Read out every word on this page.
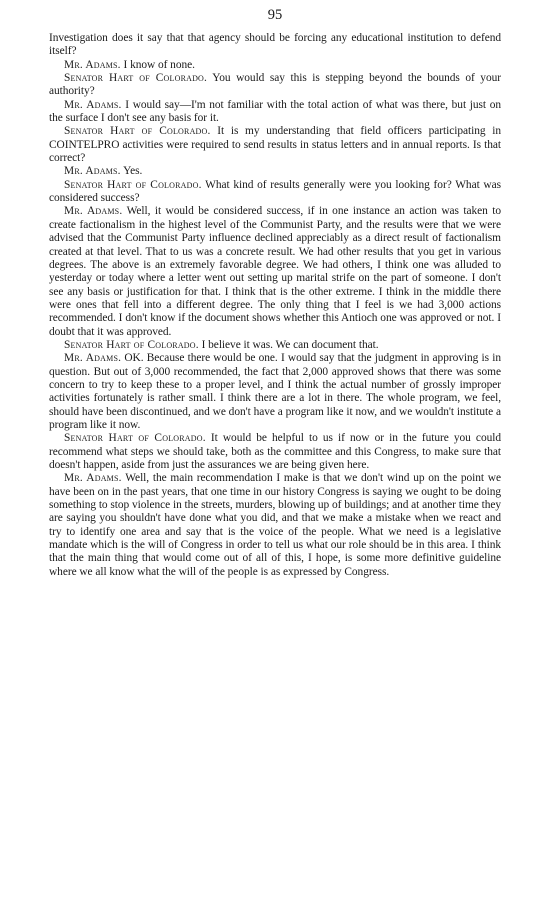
95

Investigation does it say that that agency should be forcing any educational institution to defend itself?

Mr. Adams. I know of none.

Senator Hart of Colorado. You would say this is stepping beyond the bounds of your authority?

Mr. Adams. I would say—I'm not familiar with the total action of what was there, but just on the surface I don't see any basis for it.

Senator Hart of Colorado. It is my understanding that field officers participating in COINTELPRO activities were required to send results in status letters and in annual reports. Is that correct?

Mr. Adams. Yes.

Senator Hart of Colorado. What kind of results generally were you looking for? What was considered success?

Mr. Adams. Well, it would be considered success, if in one instance an action was taken to create factionalism in the highest level of the Communist Party, and the results were that we were advised that the Communist Party influence declined appreciably as a direct result of factionalism created at that level. That to us was a concrete result. We had other results that you get in various degrees. The above is an extremely favorable degree. We had others, I think one was alluded to yesterday or today where a letter went out setting up marital strife on the part of someone. I don't see any basis or justification for that. I think that is the other extreme. I think in the middle there were ones that fell into a different degree. The only thing that I feel is we had 3,000 actions recommended. I don't know if the document shows whether this Antioch one was approved or not. I doubt that it was approved.

Senator Hart of Colorado. I believe it was. We can document that.

Mr. Adams. OK. Because there would be one. I would say that the judgment in approving is in question. But out of 3,000 recommended, the fact that 2,000 approved shows that there was some concern to try to keep these to a proper level, and I think the actual number of grossly improper activities fortunately is rather small. I think there are a lot in there. The whole program, we feel, should have been discontinued, and we don't have a program like it now, and we wouldn't institute a program like it now.

Senator Hart of Colorado. It would be helpful to us if now or in the future you could recommend what steps we should take, both as the committee and this Congress, to make sure that doesn't happen, aside from just the assurances we are being given here.

Mr. Adams. Well, the main recommendation I make is that we don't wind up on the point we have been on in the past years, that one time in our history Congress is saying we ought to be doing something to stop violence in the streets, murders, blowing up of buildings; and at another time they are saying you shouldn't have done what you did, and that we make a mistake when we react and try to identify one area and say that is the voice of the people. What we need is a legislative mandate which is the will of Congress in order to tell us what our role should be in this area. I think that the main thing that would come out of all of this, I hope, is some more definitive guideline where we all know what the will of the people is as expressed by Congress.
